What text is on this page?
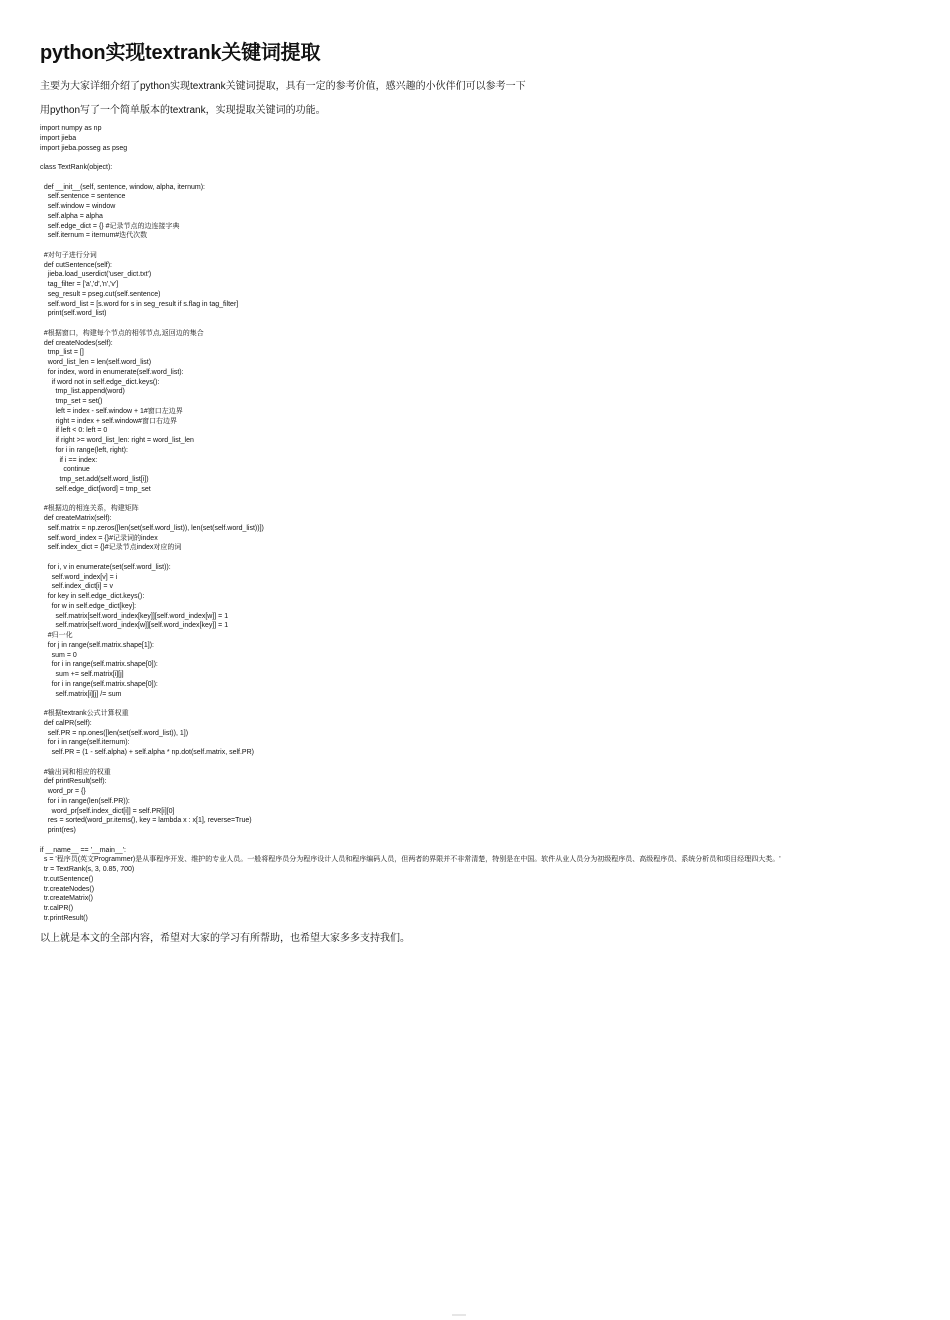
python实现textrank关键词提取

主要为大家详细介绍了python实现textrank关键词提取，具有一定的参考价值，感兴趣的小伙伴们可以参考一下

用python写了一个简单版本的textrank，实现提取关键词的功能。

import numpy as np
import jieba
import jieba.posseg as pseg
class TextRank(object):
def __init__(self, sentence, window, alpha, iternum):
self.sentence = sentence
self.window = window
self.alpha = alpha
self.edge_dict = {} #记录节点的边连接字典
self.iternum = iternum#迭代次数
#对句子进行分词
def cutSentence(self):
jieba.load_userdict('user_dict.txt')
tag_filter = ['a','d','n','v']
seg_result = pseg.cut(self.sentence)
self.word_list = [s.word for s in seg_result if s.flag in tag_filter]
print(self.word_list)
#根据窗口，构建每个节点的相邻节点,返回边的集合
def createNodes(self):
tmp_list = []
word_list_len = len(self.word_list)
for index, word in enumerate(self.word_list):
if word not in self.edge_dict.keys():
tmp_list.append(word)
tmp_set = set()
left = index - self.window + 1#窗口左边界
right = index + self.window#窗口右边界
if left < 0: left = 0
if right >= word_list_len: right = word_list_len
for i in range(left, right):
if i == index:
continue
tmp_set.add(self.word_list[i])
self.edge_dict[word] = tmp_set
#根据边的相连关系，构建矩阵
def createMatrix(self):
self.matrix = np.zeros([len(set(self.word_list)), len(set(self.word_list))])
self.word_index = {}#记录词的index
self.index_dict = {}#记录节点index对应的词
for i, v in enumerate(set(self.word_list)):
self.word_index[v] = i
self.index_dict[i] = v
for key in self.edge_dict.keys():
for w in self.edge_dict[key]:
self.matrix[self.word_index[key]][self.word_index[w]] = 1
self.matrix[self.word_index[w]][self.word_index[key]] = 1
#归一化
for j in range(self.matrix.shape[1]):
sum = 0
for i in range(self.matrix.shape[0]):
sum += self.matrix[i][j]
for i in range(self.matrix.shape[0]):
self.matrix[i][j] /= sum
#根据textrank公式计算权重
def calPR(self):
self.PR = np.ones([len(set(self.word_list)), 1])
for i in range(self.iternum):
self.PR = (1 - self.alpha) + self.alpha * np.dot(self.matrix, self.PR)
#输出词和相应的权重
def printResult(self):
word_pr = {}
for i in range(len(self.PR)):
word_pr[self.index_dict[i]] = self.PR[i][0]
res = sorted(word_pr.items(), key = lambda x : x[1], reverse=True)
print(res)
if __name__ == '__main__':
s = '程序员(英文Programmer)是从事程序开发、维护的专业人员。一般将程序员分为程序设计人员和程序编码人员，但两者的界限并不非常清楚，特别是在中国。软件从业人员分为初级程序员、高级程序员、系统分析员和项目经理四大类。'
tr = TextRank(s, 3, 0.85, 700)
tr.cutSentence()
tr.createNodes()
tr.createMatrix()
tr.calPR()
tr.printResult()

以上就是本文的全部内容，希望对大家的学习有所帮助，也希望大家多多支持我们。
